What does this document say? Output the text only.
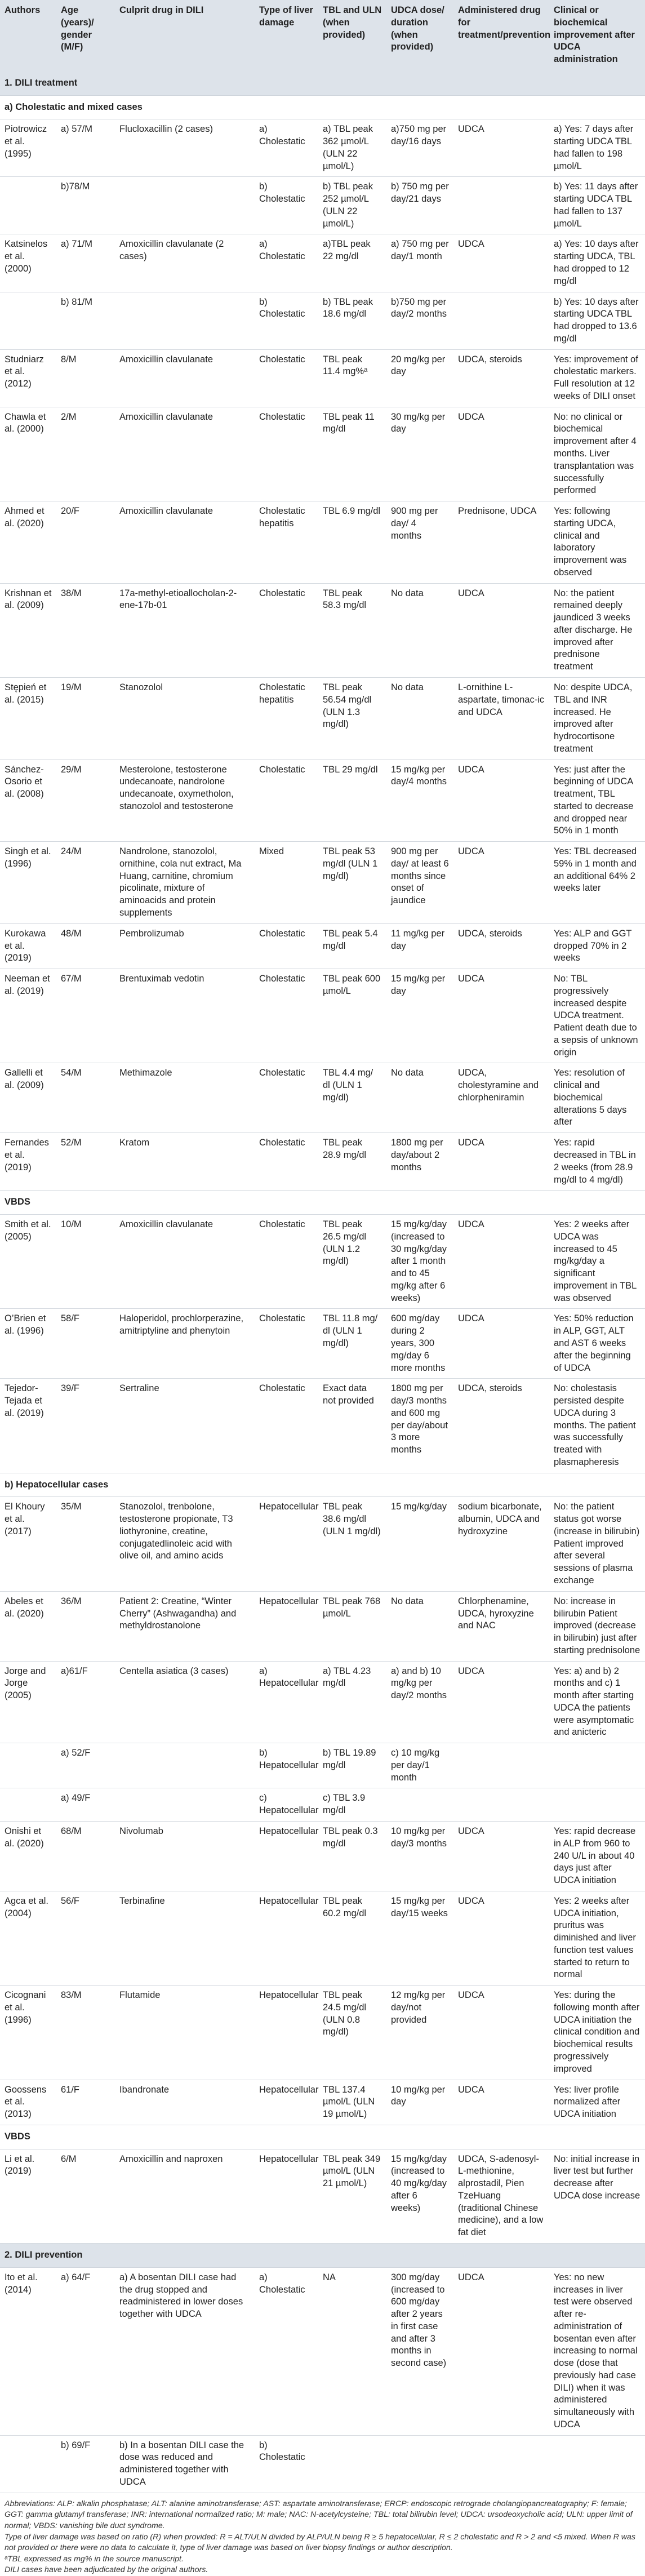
Authors	Age (years)/ gender (M/F)	Culprit drug in DILI	Type of liver damage	TBL and ULN (when provided)	UDCA dose/ duration (when provided)	Administered drug for treatment/prevention	Clinical or biochemical improvement after UDCA administration
1. DILI treatment							
a) Cholestatic and mixed cases							
Piotrowicz et al. (1995)	a) 57/M	Flucloxacillin (2 cases)	a) Cholestatic	a) TBL peak 362 µmol/L (ULN 22 µmol/L)	a)750 mg per day/16 days	UDCA	a) Yes: 7 days after starting UDCA TBL had fallen to 198 µmol/L
	b)78/M		b) Cholestatic	b) TBL peak 252 µmol/L (ULN 22 µmol/L)	b) 750 mg per day/21 days		b) Yes: 11 days after starting UDCA TBL had fallen to 137 µmol/L
Katsinelos et al. (2000)	a) 71/M	Amoxicillin clavulanate (2 cases)	a) Cholestatic	a)TBL peak 22 mg/dl	a) 750 mg per day/1 month	UDCA	a) Yes: 10 days after starting UDCA, TBL had dropped to 12 mg/dl
	b) 81/M		b) Cholestatic	b) TBL peak 18.6 mg/dl	b)750 mg per day/2 months		b) Yes: 10 days after starting UDCA TBL had dropped to 13.6 mg/dl
Studniarz et al. (2012)	8/M	Amoxicillin clavulanate	Cholestatic	TBL peak 11.4 mg%ᵃ	20 mg/kg per day	UDCA, steroids	Yes: improvement of cholestatic markers. Full resolution at 12 weeks of DILI onset
Chawla et al. (2000)	2/M	Amoxicillin clavulanate	Cholestatic	TBL peak 11 mg/dl	30 mg/kg per day	UDCA	No: no clinical or biochemical improvement after 4 months. Liver transplantation was successfully performed
Ahmed et al. (2020)	20/F	Amoxicillin clavulanate	Cholestatic hepatitis	TBL 6.9 mg/dl	900 mg per day/ 4 months	Prednisone, UDCA	Yes: following starting UDCA, clinical and laboratory improvement was observed
Krishnan et al. (2009)	38/M	17a-methyl-etioallocholan-2-ene-17b-01	Cholestatic	TBL peak 58.3 mg/dl	No data	UDCA	No: the patient remained deeply jaundiced 3 weeks after discharge. He improved after prednisone treatment
Stępień et al. (2015)	19/M	Stanozolol	Cholestatic hepatitis	TBL peak 56.54 mg/dl (ULN 1.3 mg/dl)	No data	L-ornithine L-aspartate, timonac-ic and UDCA	No: despite UDCA, TBL and INR increased. He improved after hydrocortisone treatment
Sánchez-Osorio et al. (2008)	29/M	Mesterolone, testosterone undecanoate, nandrolone undecanoate, oxymetholon, stanozolol and testosterone	Cholestatic	TBL 29 mg/dl	15 mg/kg per day/4 months	UDCA	Yes: just after the beginning of UDCA treatment, TBL started to decrease and dropped near 50% in 1 month
Singh et al. (1996)	24/M	Nandrolone, stanozolol, ornithine, cola nut extract, Ma Huang, carnitine, chromium picolinate, mixture of aminoacids and protein supplements	Mixed	TBL peak 53 mg/dl (ULN 1 mg/dl)	900 mg per day/ at least 6 months since onset of jaundice	UDCA	Yes: TBL decreased 59% in 1 month and an additional 64% 2 weeks later
Kurokawa et al. (2019)	48/M	Pembrolizumab	Cholestatic	TBL peak 5.4 mg/dl	11 mg/kg per day	UDCA, steroids	Yes: ALP and GGT dropped 70% in 2 weeks
Neeman et al. (2019)	67/M	Brentuximab vedotin	Cholestatic	TBL peak 600 µmol/L	15 mg/kg per day	UDCA	No: TBL progressively increased despite UDCA treatment. Patient death due to a sepsis of unknown origin
Gallelli et al. (2009)	54/M	Methimazole	Cholestatic	TBL 4.4 mg/ dl (ULN 1 mg/dl)	No data	UDCA, cholestyramine and chlorpheniramin	Yes: resolution of clinical and biochemical alterations 5 days after
Fernandes et al. (2019)	52/M	Kratom	Cholestatic	TBL peak 28.9 mg/dl	1800 mg per day/about 2 months	UDCA	Yes: rapid decreased in TBL in 2 weeks (from 28.9 mg/dl to 4 mg/dl)
VBDS							
Smith et al. (2005)	10/M	Amoxicillin clavulanate	Cholestatic	TBL peak 26.5 mg/dl (ULN 1.2 mg/dl)	15 mg/kg/day (increased to 30 mg/kg/day after 1 month and to 45 mg/kg after 6 weeks)	UDCA	Yes: 2 weeks after UDCA was increased to 45 mg/kg/day a significant improvement in TBL was observed
O’Brien et al. (1996)	58/F	Haloperidol, prochlorperazine, amitriptyline and phenytoin	Cholestatic	TBL 11.8 mg/ dl (ULN 1 mg/dl)	600 mg/day during 2 years, 300 mg/day 6 more months	UDCA	Yes: 50% reduction in ALP, GGT, ALT and AST 6 weeks after the beginning of UDCA
Tejedor-Tejada et al. (2019)	39/F	Sertraline	Cholestatic	Exact data not provided	1800 mg per day/3 months and 600 mg per day/about 3 more months	UDCA, steroids	No: cholestasis persisted despite UDCA during 3 months. The patient was successfully treated with plasmapheresis
b) Hepatocellular cases							
El Khoury et al. (2017)	35/M	Stanozolol, trenbolone, testosterone propionate, T3 liothyronine, creatine, conjugatedlinoleic acid with olive oil, and amino acids	Hepatocellular	TBL peak 38.6 mg/dl (ULN 1 mg/dl)	15 mg/kg/day	sodium bicarbonate, albumin, UDCA and hydroxyzine	No: the patient status got worse (increase in bilirubin) Patient improved after several sessions of plasma exchange
Abeles et al. (2020)	36/M	Patient 2: Creatine, “Winter Cherry” (Ashwagandha) and methyldrostanolone	Hepatocellular	TBL peak 768 µmol/L	No data	Chlorphenamine, UDCA, hyroxyzine and NAC	No: increase in bilirubin Patient improved (decrease in bilirubin) just after starting prednisolone
Jorge and Jorge (2005)	a)61/F	Centella asiatica (3 cases)	a) Hepatocellular	a) TBL 4.23 mg/dl	a) and b) 10 mg/kg per day/2 months	UDCA	Yes: a) and b) 2 months and c) 1 month after starting UDCA the patients were asymptomatic and anicteric
	a) 52/F		b) Hepatocellular	b) TBL 19.89 mg/dl	c) 10 mg/kg per day/1 month		
	a) 49/F		c) Hepatocellular	c) TBL 3.9 mg/dl			
Onishi et al. (2020)	68/M	Nivolumab	Hepatocellular	TBL peak 0.3 mg/dl	10 mg/kg per day/3 months	UDCA	Yes: rapid decrease in ALP from 960 to 240 U/L in about 40 days just after UDCA initiation
Agca et al. (2004)	56/F	Terbinafine	Hepatocellular	TBL peak 60.2 mg/dl	15 mg/kg per day/15 weeks	UDCA	Yes: 2 weeks after UDCA initiation, pruritus was diminished and liver function test values started to return to normal
Cicognani et al. (1996)	83/M	Flutamide	Hepatocellular	TBL peak 24.5 mg/dl (ULN 0.8 mg/dl)	12 mg/kg per day/not provided	UDCA	Yes: during the following month after UDCA initiation the clinical condition and biochemical results progressively improved
Goossens et al. (2013)	61/F	Ibandronate	Hepatocellular	TBL 137.4 µmol/L (ULN 19 µmol/L)	10 mg/kg per day	UDCA	Yes: liver profile normalized after UDCA initiation
VBDS							
Li et al. (2019)	6/M	Amoxicillin and naproxen	Hepatocellular	TBL peak 349 µmol/L (ULN 21 µmol/L)	15 mg/kg/day (increased to 40 mg/kg/day after 6 weeks)	UDCA, S-adenosyl-L-methionine, alprostadil, Pien TzeHuang (traditional Chinese medicine), and a low fat diet	No: initial increase in liver test but further decrease after UDCA dose increase
2. DILI prevention							
Ito et al. (2014)	a) 64/F	a) A bosentan DILI case had the drug stopped and readministered in lower doses together with UDCA	a) Cholestatic	NA	300 mg/day (increased to 600 mg/day after 2 years in first case and after 3 months in second case)	UDCA	Yes: no new increases in liver test were observed after re-administration of bosentan even after increasing to normal dose (dose that previously had case DILI) when it was administered simultaneously with UDCA
	b) 69/F	b) In a bosentan DILI case the dose was reduced and administered together with UDCA	b) Cholestatic				

Abbreviations: ALP: alkalin phosphatase; ALT: alanine aminotransferase; AST: aspartate aminotransferase; ERCP: endoscopic retrograde cholangiopancreatography; F: female; GGT: gamma glutamyl transferase; INR: international normalized ratio; M: male; NAC: N-acetylcysteine; TBL: total bilirubin level; UDCA: ursodeoxycholic acid; ULN: upper limit of normal; VBDS: vanishing bile duct syndrome.

Type of liver damage was based on ratio (R) when provided: R = ALT/ULN divided by ALP/ULN being R ≥ 5 hepatocellular, R ≤ 2 cholestatic and R > 2 and <5 mixed. When R was not provided or there were no data to calculate it, type of liver damage was based on liver biopsy findings or author description.

ᵃTBL expressed as mg% in the source manuscript.

DILI cases have been adjudicated by the original authors.
